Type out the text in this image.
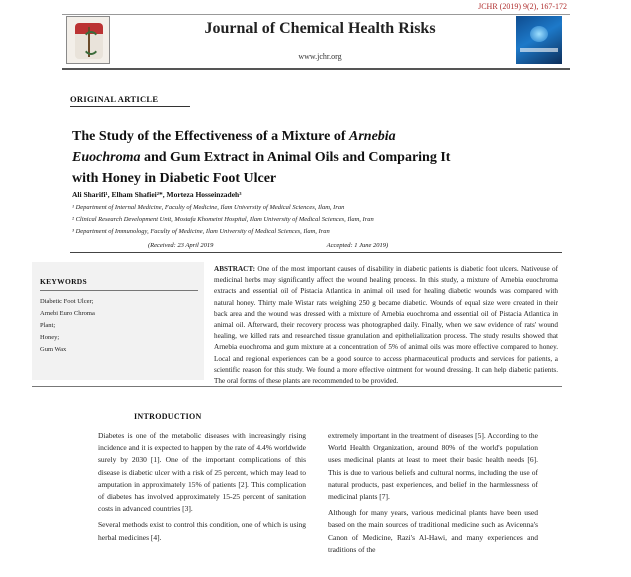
JCHR (2019) 9(2), 167-172
Journal of Chemical Health Risks
www.jchr.org
ORIGINAL ARTICLE
The Study of the Effectiveness of a Mixture of Arnebia
Euochroma and Gum Extract in Animal Oils and Comparing It
with Honey in Diabetic Foot Ulcer
Ali Sharifi¹, Elham Shafiei²*, Morteza Hosseinzadeh³
¹ Department of Internal Medicine, Faculty of Medicine, Ilam University of Medical Sciences, Ilam, Iran
² Clinical Research Development Unit, Mostafa Khomeini Hospital, Ilam University of Medical Sciences, Ilam, Iran
³ Department of Immunology, Faculty of Medicine, Ilam University of Medical Sciences, Ilam, Iran
(Received: 23 April 2019	Accepted: 1 June 2019)
KEYWORDS
Diabetic Foot Ulcer;
Arnebi Euro Chroma
Plant;
Honey;
Gum Wax
ABSTRACT: One of the most important causes of disability in diabetic patients is diabetic foot ulcers. Nativeuse of medicinal herbs may significantly affect the wound healing process. In this study, a mixture of Arnebia euochroma extracts and essential oil of Pistacia Atlantica in animal oil used for healing diabetic wounds was compared with natural honey. Thirty male Wistar rats weighing 250 g became diabetic. Wounds of equal size were created in their back area and the wound was dressed with a mixture of Arnebia euochroma and essential oil of Pistacia Atlantica in animal oil. Afterward, their recovery process was photographed daily. Finally, when we saw evidence of rats' wound healing, we killed rats and researched tissue granulation and epithelialization process. The study results showed that Arnebia euochroma and gum mixture at a concentration of 5% of animal oils was more effective compared to honey. Local and regional experiences can be a good source to access pharmaceutical products and services for patients, a scientific reason for this study. We found a more effective ointment for wound dressing. It can help diabetic patients. The oral forms of these plants are recommended to be provided.
INTRODUCTION

Diabetes is one of the metabolic diseases with increasingly rising incidence and it is expected to happen by the rate of 4.4% worldwide surely by 2030 [1]. One of the important complications of this disease is diabetic ulcer with a risk of 25 percent, which may lead to amputation in approximately 15% of patients [2]. This complication of diabetes has involved approximately 15-25 percent of sanitation costs in advanced countries [3].

Several methods exist to control this condition, one of which is using herbal medicines [4].

extremely important in the treatment of diseases [5]. According to the World Health Organization, around 80% of the world's population uses medicinal plants at least to meet their basic health needs [6]. This is due to various beliefs and cultural norms, including the use of natural products, past experiences, and belief in the harmlessness of medicinal plants [7].

Although for many years, various medicinal plants have been used based on the main sources of traditional medicine such as Avicenna's Canon of Medicine, Razi's Al-Hawi, and many experiences and traditions of the
